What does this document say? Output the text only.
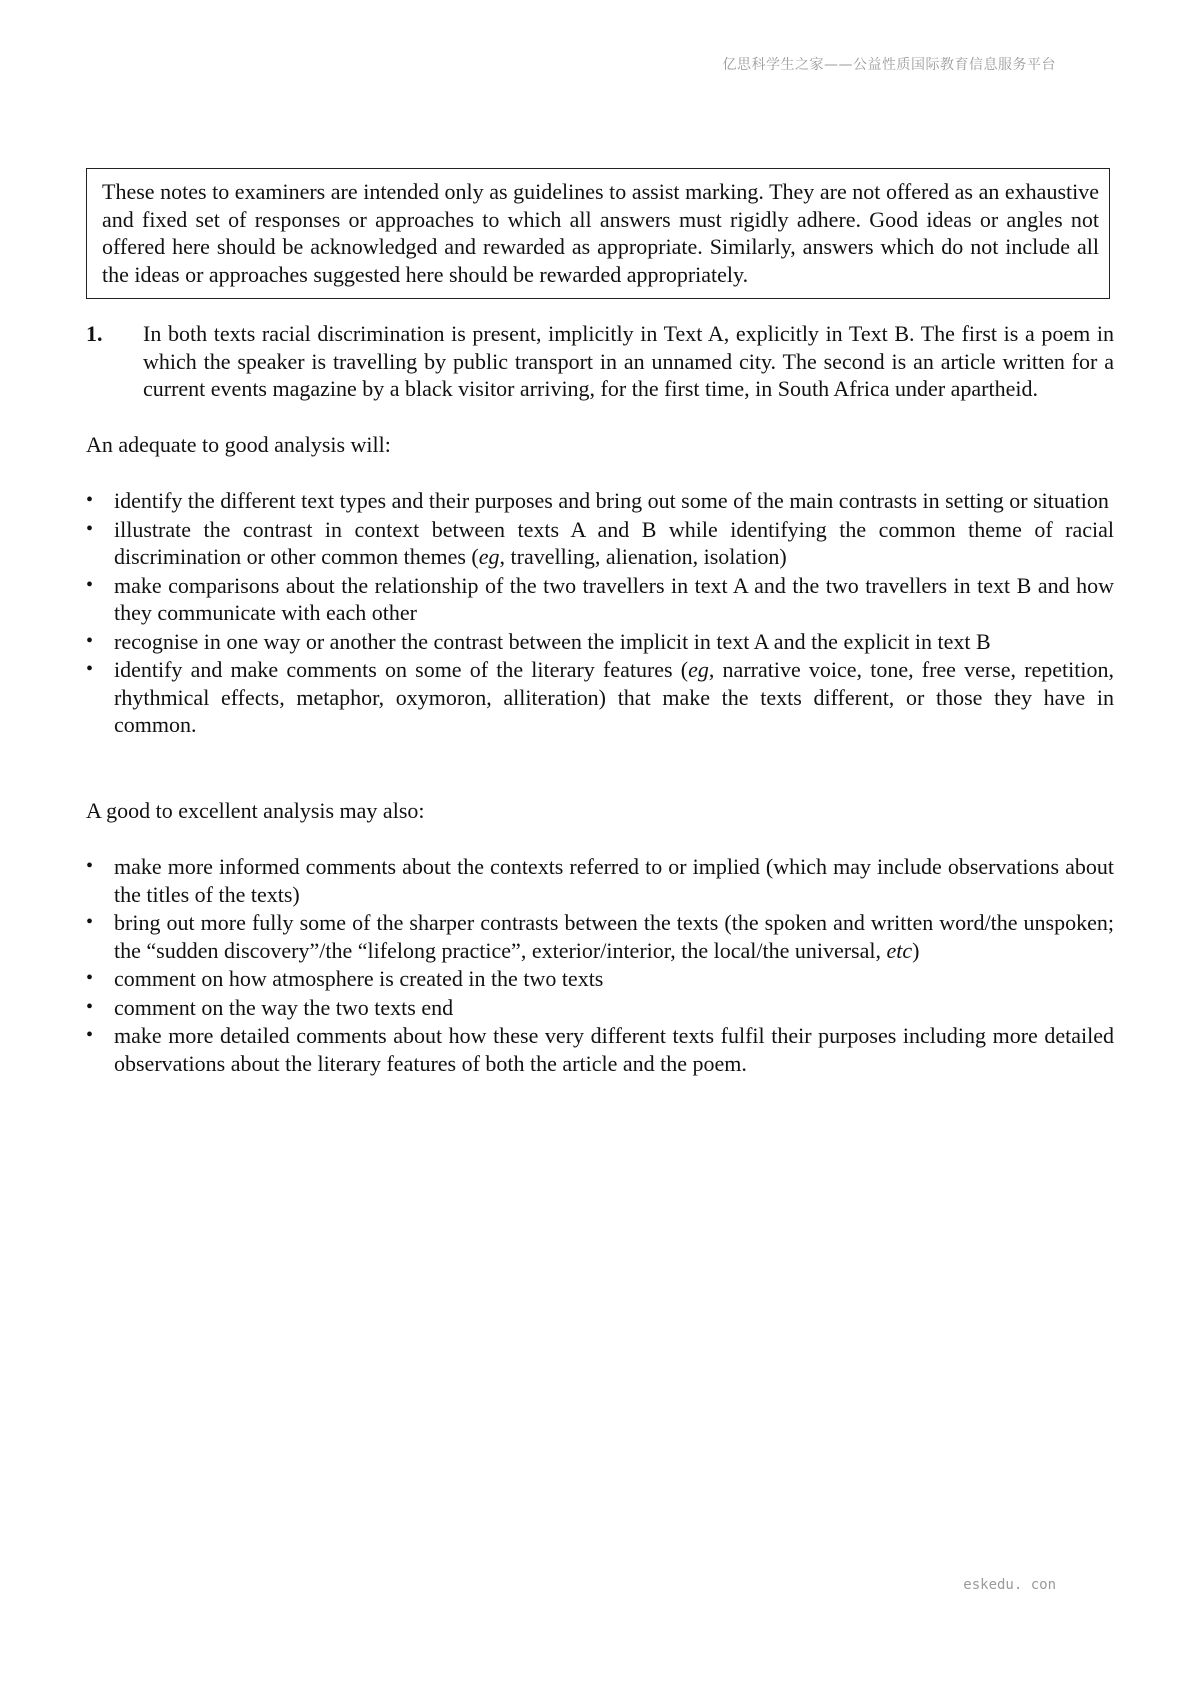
亿思科学生之家——公益性质国际教育信息服务平台
These notes to examiners are intended only as guidelines to assist marking. They are not offered as an exhaustive and fixed set of responses or approaches to which all answers must rigidly adhere. Good ideas or angles not offered here should be acknowledged and rewarded as appropriate. Similarly, answers which do not include all the ideas or approaches suggested here should be rewarded appropriately.
1.	In both texts racial discrimination is present, implicitly in Text A, explicitly in Text B. The first is a poem in which the speaker is travelling by public transport in an unnamed city. The second is an article written for a current events magazine by a black visitor arriving, for the first time, in South Africa under apartheid.
An adequate to good analysis will:
• identify the different text types and their purposes and bring out some of the main contrasts in setting or situation
• illustrate the contrast in context between texts A and B while identifying the common theme of racial discrimination or other common themes (eg, travelling, alienation, isolation)
• make comparisons about the relationship of the two travellers in text A and the two travellers in text B and how they communicate with each other
• recognise in one way or another the contrast between the implicit in text A and the explicit in text B
• identify and make comments on some of the literary features (eg, narrative voice, tone, free verse, repetition, rhythmical effects, metaphor, oxymoron, alliteration) that make the texts different, or those they have in common.
A good to excellent analysis may also:
• make more informed comments about the contexts referred to or implied (which may include observations about the titles of the texts)
• bring out more fully some of the sharper contrasts between the texts (the spoken and written word/the unspoken; the “sudden discovery”/the “lifelong practice”, exterior/interior, the local/the universal, etc)
• comment on how atmosphere is created in the two texts
• comment on the way the two texts end
• make more detailed comments about how these very different texts fulfil their purposes including more detailed observations about the literary features of both the article and the poem.
eskedu. con
